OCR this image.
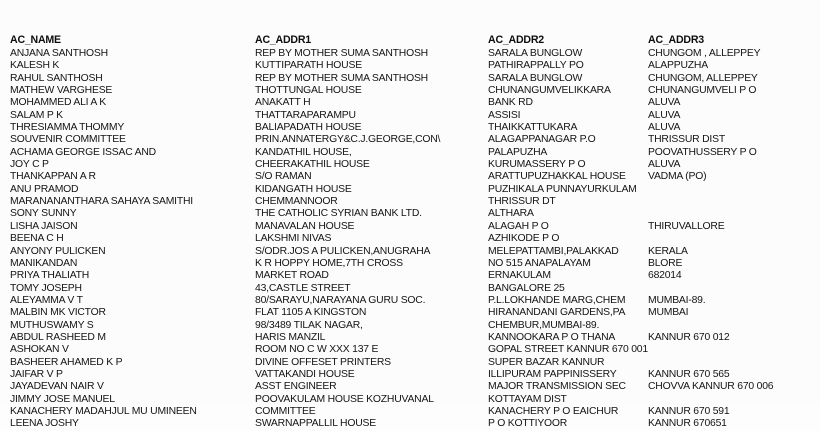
AC_NAME	AC_ADDR1	AC_ADDR2	AC_ADDR3
ANJANA SANTHOSH	REP BY MOTHER SUMA SANTHOSH	SARALA BUNGLOW	CHUNGOM , ALLEPPEY
KALESH K	KUTTIPARATH HOUSE	PATHIRAPPALLY PO	ALAPPUZHA
RAHUL SANTHOSH	REP BY MOTHER SUMA SANTHOSH	SARALA BUNGLOW	CHUNGOM, ALLEPPEY
MATHEW VARGHESE	THOTTUNGAL HOUSE	CHUNANGUMVELIKKARA	CHUNANGUMVELI P O
MOHAMMED ALI A K	ANAKATT H	BANK RD	ALUVA
SALAM P K	THATTARAPARAMPU	ASSISI	ALUVA
THRESIAMMA THOMMY	BALIAPADATH HOUSE	THAIKKATTUKARA	ALUVA
SOUVENIR COMMITTEE	PRIN.ANNATERGY&C.J.GEORGE,CON\	ALAGAPPANAGAR P.O	THRISSUR DIST
ACHAMA GEORGE ISSAC AND	KANDATHIL HOUSE,	PALAPUZHA	POOVATHUSSERY P O
JOY C P	CHEERAKATHIL HOUSE	KURUMASSERY P O	ALUVA
THANKAPPAN A R	S/O RAMAN	ARATTUPUZHAKKAL HOUSE	VADMA (PO)
ANU PRAMOD	KIDANGATH HOUSE	PUZHIKALA PUNNAYURKULAM	
MARANANANTHARA SAHAYA SAMITHI	CHEMMANNOOR	THRISSUR DT	
SONY SUNNY	THE CATHOLIC SYRIAN BANK LTD.	ALTHARA	
LISHA JAISON	MANAVALAN HOUSE	ALAGAH P O	THIRUVALLORE
BEENA C H	LAKSHMI NIVAS	AZHIKODE P O	
ANYONY PULICKEN	S/ODR.JOS A PULICKEN,ANUGRAHA	MELEPATTAMBI,PALAKKAD	KERALA
MANIKANDAN	K R HOPPY HOME,7TH CROSS	NO 515 ANAPALAYAM	BLORE
PRIYA THALIATH	MARKET ROAD	ERNAKULAM	682014
TOMY JOSEPH	43,CASTLE STREET	BANGALORE 25	
ALEYAMMA V T	80/SARAYU,NARAYANA GURU SOC.	P.L.LOKHANDE MARG,CHEM	MUMBAI-89.
MALBIN MK VICTOR	FLAT 1105 A KINGSTON	HIRANANDANI GARDENS,PA	MUMBAI
MUTHUSWAMY S	98/3489 TILAK NAGAR,	CHEMBUR,MUMBAI-89.	
ABDUL RASHEED M	HARIS MANZIL	KANNOOKARA P O THANA	KANNUR 670 012
ASHOKAN V	ROOM NO C W XXX 137 E	GOPAL STREET KANNUR 670 001	
BASHEER AHAMED K P	DIVINE OFFESET PRINTERS	SUPER BAZAR KANNUR	
JAIFAR V P	VATTAKANDI HOUSE	ILLIPURAM PAPPINISSERY	KANNUR 670 565
JAYADEVAN NAIR V	ASST ENGINEER	MAJOR TRANSMISSION SEC	CHOVVA KANNUR 670 006
JIMMY JOSE MANUEL	POOVAKULAM HOUSE KOZHUVANAL	KOTTAYAM DIST	
KANACHERY MADAHJUL MU UMINEEN	COMMITTEE	KANACHERY P O EAICHUR	KANNUR 670 591
LEENA JOSHY	SWARNAPPALLIL HOUSE	P O KOTTIYOOR	KANNUR 670651
